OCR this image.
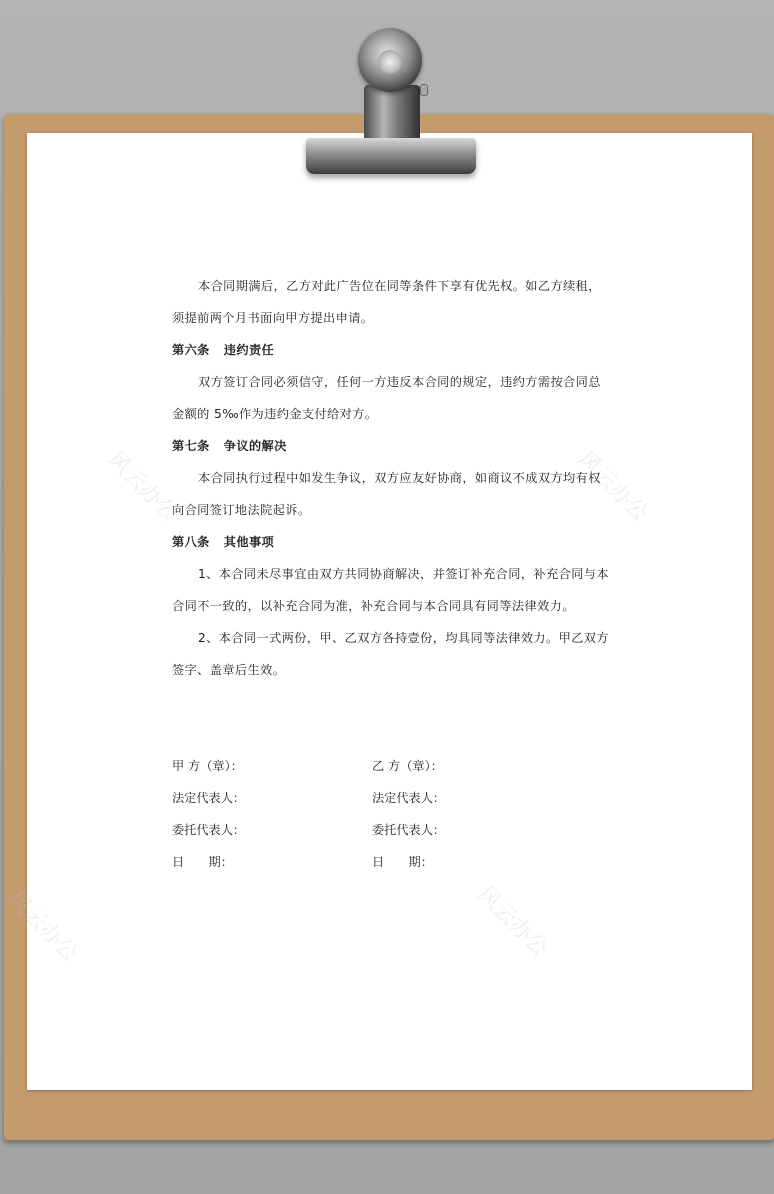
本合同期满后，乙方对此广告位在同等条件下享有优先权。如乙方续租，须提前两个月书面向甲方提出申请。

第六条 违约责任

双方签订合同必须信守，任何一方违反本合同的规定，违约方需按合同总金额的 5‰作为违约金支付给对方。

第七条 争议的解决

本合同执行过程中如发生争议，双方应友好协商，如商议不成双方均有权向合同签订地法院起诉。

第八条 其他事项

1、本合同未尽事宜由双方共同协商解决，并签订补充合同，补充合同与本合同不一致的，以补充合同为准，补充合同与本合同具有同等法律效力。

2、本合同一式两份，甲、乙双方各持壹份，均具同等法律效力。甲乙双方签字、盖章后生效。

甲 方（章）：	乙 方（章）：
法定代表人：	法定代表人：
委托代表人：	委托代表人：
日　　期：	日　　期：
风云办公	风云办公
风云办公	风云办公
